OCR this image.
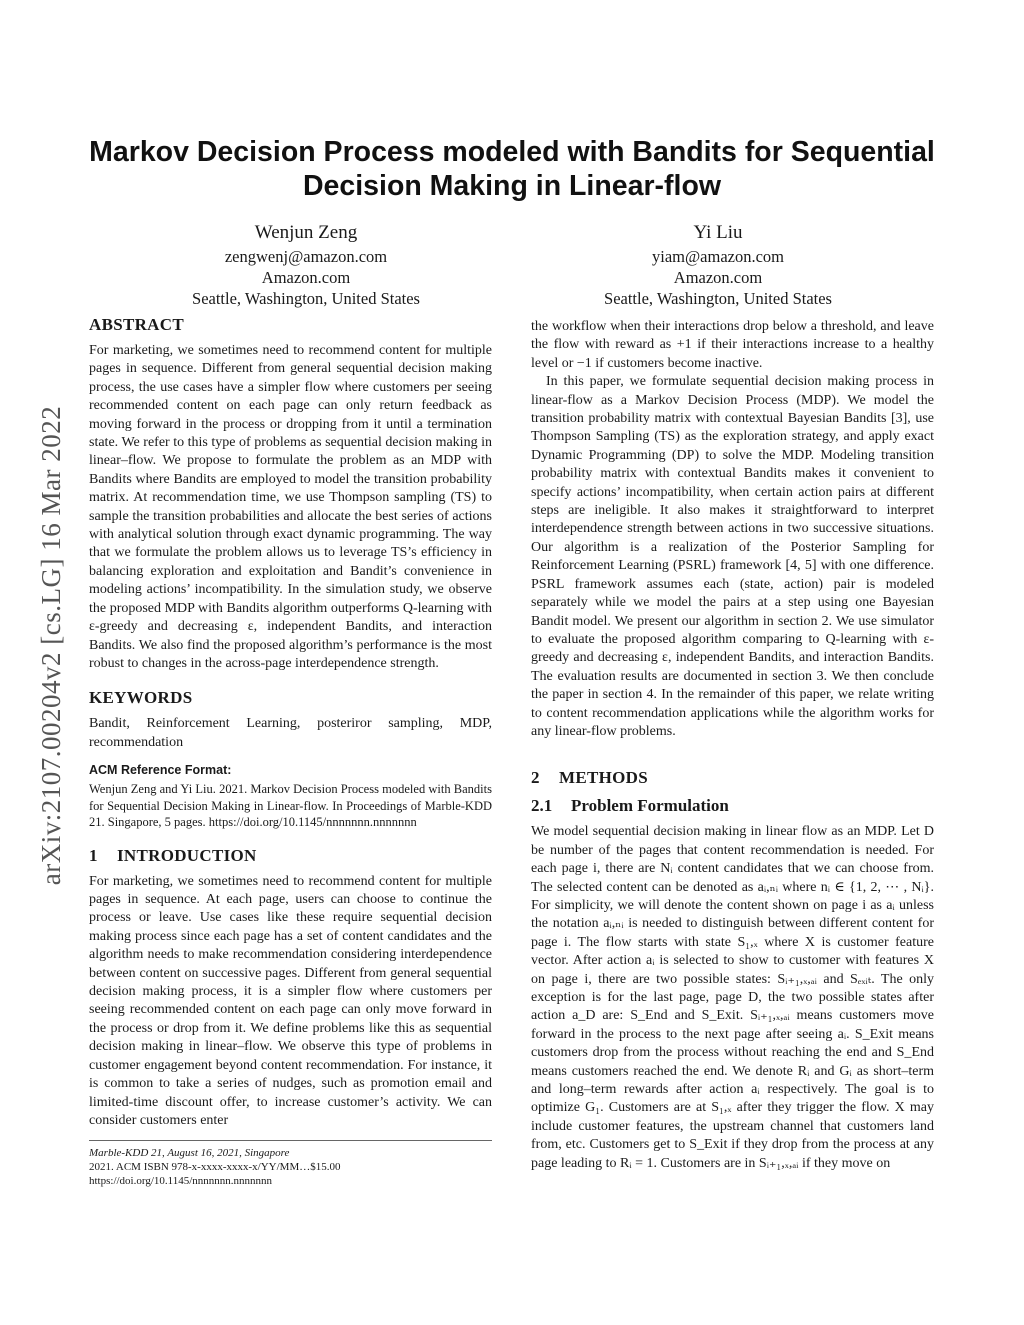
arXiv:2107.00204v2 [cs.LG] 16 Mar 2022
Markov Decision Process modeled with Bandits for Sequential
Decision Making in Linear-flow
Wenjun Zeng
zengwenj@amazon.com
Amazon.com
Seattle, Washington, United States
Yi Liu
yiam@amazon.com
Amazon.com
Seattle, Washington, United States
ABSTRACT

For marketing, we sometimes need to recommend content for multiple pages in sequence. Different from general sequential decision making process, the use cases have a simpler flow where customers per seeing recommended content on each page can only return feedback as moving forward in the process or dropping from it until a termination state. We refer to this type of problems as sequential decision making in linear–flow. We propose to formulate the problem as an MDP with Bandits where Bandits are employed to model the transition probability matrix. At recommendation time, we use Thompson sampling (TS) to sample the transition probabilities and allocate the best series of actions with analytical solution through exact dynamic programming. The way that we formulate the problem allows us to leverage TS’s efficiency in balancing exploration and exploitation and Bandit’s convenience in modeling actions’ incompatibility. In the simulation study, we observe the proposed MDP with Bandits algorithm outperforms Q-learning with ε-greedy and decreasing ε, independent Bandits, and interaction Bandits. We also find the proposed algorithm’s performance is the most robust to changes in the across-page interdependence strength.

KEYWORDS

Bandit, Reinforcement Learning, posteriror sampling, MDP, recommendation

ACM Reference Format:

Wenjun Zeng and Yi Liu. 2021. Markov Decision Process modeled with Bandits for Sequential Decision Making in Linear-flow. In Proceedings of Marble-KDD 21. Singapore, 5 pages. https://doi.org/10.1145/nnnnnnn.nnnnnnn

1 INTRODUCTION

For marketing, we sometimes need to recommend content for multiple pages in sequence. At each page, users can choose to continue the process or leave. Use cases like these require sequential decision making process since each page has a set of content candidates and the algorithm needs to make recommendation considering interdependence between content on successive pages. Different from general sequential decision making process, it is a simpler flow where customers per seeing recommended content on each page can only move forward in the process or drop from it. We define problems like this as sequential decision making in linear–flow. We observe this type of problems in customer engagement beyond content recommendation. For instance, it is common to take a series of nudges, such as promotion email and limited-time discount offer, to increase customer’s activity. We can consider customers enter

the workflow when their interactions drop below a threshold, and leave the flow with reward as +1 if their interactions increase to a healthy level or −1 if customers become inactive.

In this paper, we formulate sequential decision making process in linear-flow as a Markov Decision Process (MDP). We model the transition probability matrix with contextual Bayesian Bandits [3], use Thompson Sampling (TS) as the exploration strategy, and apply exact Dynamic Programming (DP) to solve the MDP. Modeling transition probability matrix with contextual Bandits makes it convenient to specify actions’ incompatibility, when certain action pairs at different steps are ineligible. It also makes it straightforward to interpret interdependence strength between actions in two successive situations. Our algorithm is a realization of the Posterior Sampling for Reinforcement Learning (PSRL) framework [4, 5] with one difference. PSRL framework assumes each (state, action) pair is modeled separately while we model the pairs at a step using one Bayesian Bandit model. We present our algorithm in section 2. We use simulator to evaluate the proposed algorithm comparing to Q-learning with ε-greedy and decreasing ε, independent Bandits, and interaction Bandits. The evaluation results are documented in section 3. We then conclude the paper in section 4. In the remainder of this paper, we relate writing to content recommendation applications while the algorithm works for any linear-flow problems.

2 METHODS
2.1 Problem Formulation

We model sequential decision making in linear flow as an MDP. Let D be number of the pages that content recommendation is needed. For each page i, there are Nᵢ content candidates that we can choose from. The selected content can be denoted as aᵢ,ₙᵢ where nᵢ ∈ {1, 2, ⋯ , Nᵢ}. For simplicity, we will denote the content shown on page i as aᵢ unless the notation aᵢ,ₙᵢ is needed to distinguish between different content for page i. The flow starts with state S₁,ₓ where X is customer feature vector. After action aᵢ is selected to show to customer with features X on page i, there are two possible states: Sᵢ₊₁,ₓ,ₐᵢ and Sₑₓᵢₜ. The only exception is for the last page, page D, the two possible states after action a_D are: S_End and S_Exit. Sᵢ₊₁,ₓ,ₐᵢ means customers move forward in the process to the next page after seeing aᵢ. S_Exit means customers drop from the process without reaching the end and S_End means customers reached the end. We denote Rᵢ and Gᵢ as short–term and long–term rewards after action aᵢ respectively. The goal is to optimize G₁. Customers are at S₁,ₓ after they trigger the flow. X may include customer features, the upstream channel that customers land from, etc. Customers get to S_Exit if they drop from the process at any page leading to Rᵢ = 1. Customers are in Sᵢ₊₁,ₓ,ₐᵢ if they move on

Marble-KDD 21, August 16, 2021, Singapore
2021. ACM ISBN 978-x-xxxx-xxxx-x/YY/MM…$15.00
https://doi.org/10.1145/nnnnnnn.nnnnnnn
